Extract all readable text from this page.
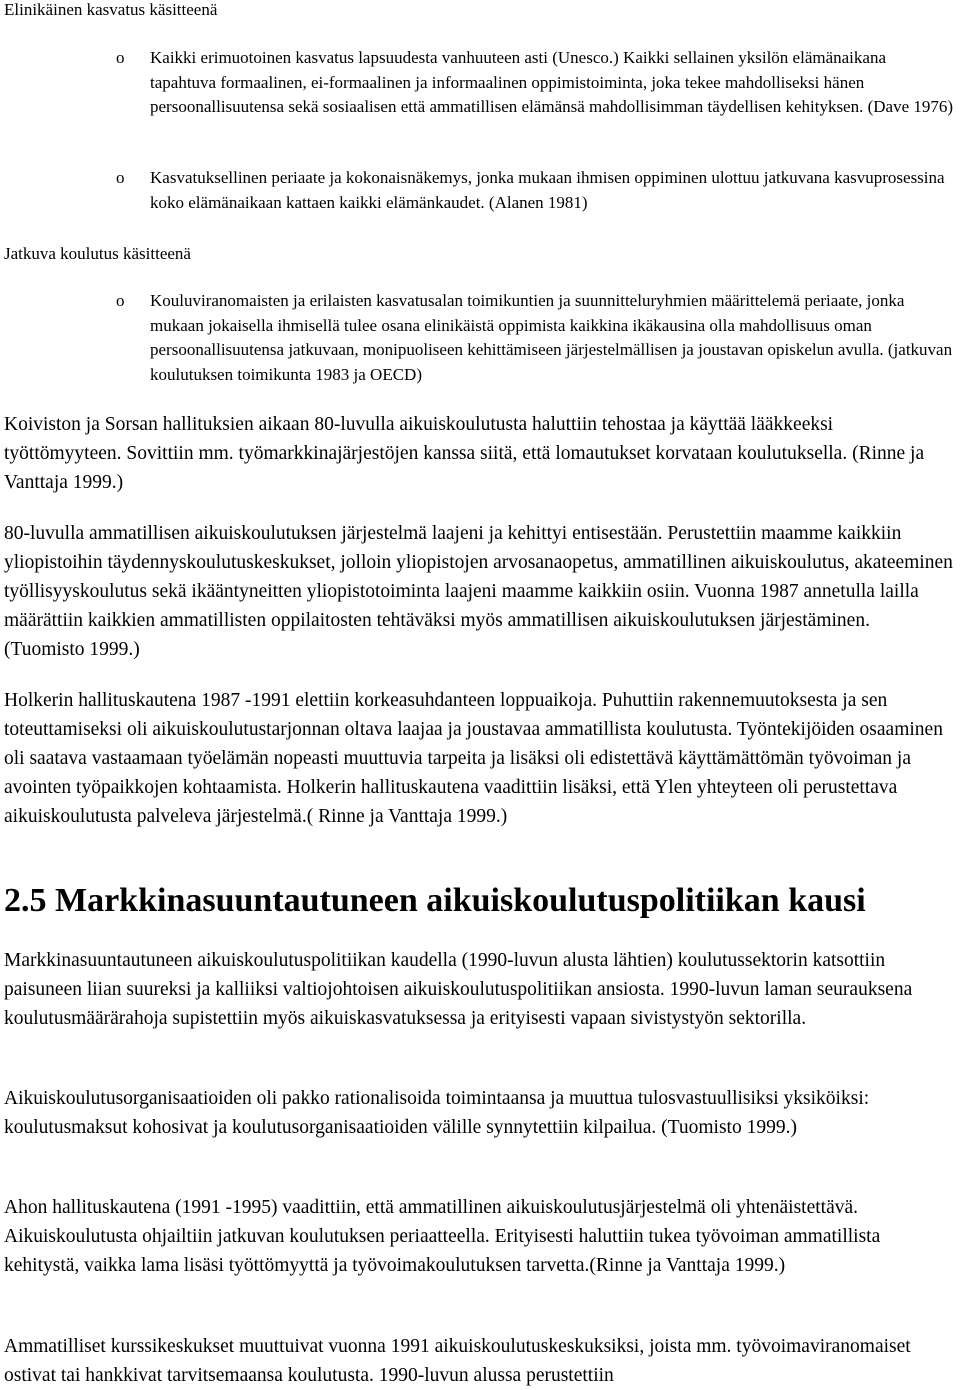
Elinikäinen kasvatus käsitteenä

o Kaikki erimuotoinen kasvatus lapsuudesta vanhuuteen asti (Unesco.) Kaikki sellainen yksilön elämänaikana tapahtuva formaalinen, ei-formaalinen ja informaalinen oppimistoiminta, joka tekee mahdolliseksi hänen persoonallisuutensa sekä sosiaalisen että ammatillisen elämänsä mahdollisimman täydellisen kehityksen. (Dave 1976)
o Kasvatuksellinen periaate ja kokonaisnäkemys, jonka mukaan ihmisen oppiminen ulottuu jatkuvana kasvuprosessina koko elämänaikaan kattaen kaikki elämänkaudet. (Alanen 1981)

Jatkuva koulutus käsitteenä

o Kouluviranomaisten ja erilaisten kasvatusalan toimikuntien ja suunnitteluryhmien määrittelemä periaate, jonka mukaan jokaisella ihmisellä tulee osana elinikäistä oppimista kaikkina ikäkausina olla mahdollisuus oman persoonallisuutensa jatkuvaan, monipuoliseen kehittämiseen järjestelmällisen ja joustavan opiskelun avulla. (jatkuvan koulutuksen toimikunta 1983 ja OECD)

Koiviston ja Sorsan hallituksien aikaan 80-luvulla aikuiskoulutusta haluttiin tehostaa ja käyttää lääkkeeksi työttömyyteen. Sovittiin mm. työmarkkinajärjestöjen kanssa siitä, että lomautukset korvataan koulutuksella. (Rinne ja Vanttaja 1999.)

80-luvulla ammatillisen aikuiskoulutuksen järjestelmä laajeni ja kehittyi entisestään. Perustettiin maamme kaikkiin yliopistoihin täydennyskoulutuskeskukset, jolloin yliopistojen arvosanaopetus, ammatillinen aikuiskoulutus, akateeminen työllisyyskoulutus sekä ikääntyneitten yliopistotoiminta laajeni maamme kaikkiin osiin. Vuonna 1987 annetulla lailla määrättiin kaikkien ammatillisten oppilaitosten tehtäväksi myös ammatillisen aikuiskoulutuksen järjestäminen. (Tuomisto 1999.)

Holkerin hallituskautena 1987 -1991 elettiin korkeasuhdanteen loppuaikoja. Puhuttiin rakennemuutoksesta ja sen toteuttamiseksi oli aikuiskoulutustarjonnan oltava laajaa ja joustavaa ammatillista koulutusta. Työntekijöiden osaaminen oli saatava vastaamaan työelämän nopeasti muuttuvia tarpeita ja lisäksi oli edistettävä käyttämättömän työvoiman ja avointen työpaikkojen kohtaamista. Holkerin hallituskautena vaadittiin lisäksi, että Ylen yhteyteen oli perustettava aikuiskoulutusta palveleva järjestelmä.( Rinne ja Vanttaja 1999.)

2.5 Markkinasuuntautuneen aikuiskoulutuspolitiikan kausi

Markkinasuuntautuneen aikuiskoulutuspolitiikan kaudella (1990-luvun alusta lähtien) koulutussektorin katsottiin paisuneen liian suureksi ja kalliiksi valtiojohtoisen aikuiskoulutuspolitiikan ansiosta. 1990-luvun laman seurauksena koulutusmäärärahoja supistettiin myös aikuiskasvatuksessa ja erityisesti vapaan sivistystyön sektorilla.

Aikuiskoulutusorganisaatioiden oli pakko rationalisoida toimintaansa ja muuttua tulosvastuullisiksi yksiköiksi: koulutusmaksut kohosivat ja koulutusorganisaatioiden välille synnytettiin kilpailua. (Tuomisto 1999.)

Ahon hallituskautena (1991 -1995) vaadittiin, että ammatillinen aikuiskoulutusjärjestelmä oli yhtenäistettävä. Aikuiskoulutusta ohjailtiin jatkuvan koulutuksen periaatteella. Erityisesti haluttiin tukea työvoiman ammatillista kehitystä, vaikka lama lisäsi työttömyyttä ja työvoimakoulutuksen tarvetta.(Rinne ja Vanttaja 1999.)

Ammatilliset kurssikeskukset muuttuivat vuonna 1991 aikuiskoulutuskeskuksiksi, joista mm. työvoimaviranomaiset ostivat tai hankkivat tarvitsemaansa koulutusta. 1990-luvun alussa perustettiin
